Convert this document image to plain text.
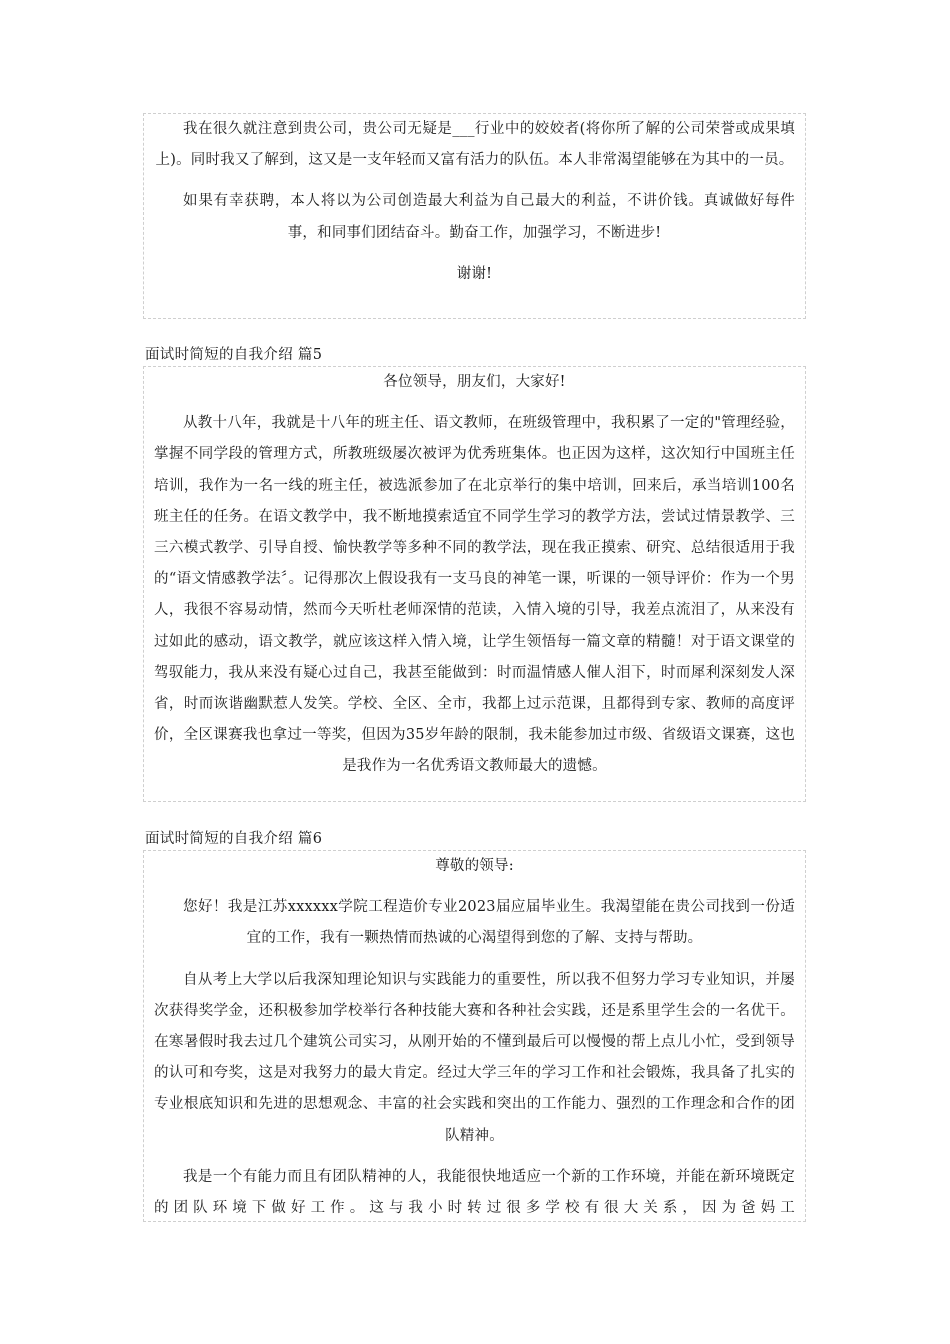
我在很久就注意到贵公司，贵公司无疑是___行业中的姣姣者(将你所了解的公司荣誉或成果填上)。同时我又了解到，这又是一支年轻而又富有活力的队伍。本人非常渴望能够在为其中的一员。

如果有幸获聘，本人将以为公司创造最大利益为自己最大的利益，不讲价钱。真诚做好每件事，和同事们团结奋斗。勤奋工作，加强学习，不断进步!

谢谢!

面试时简短的自我介绍 篇5

各位领导，朋友们，大家好!

从教十八年，我就是十八年的班主任、语文教师，在班级管理中，我积累了一定的"管理经验，掌握不同学段的管理方式，所教班级屡次被评为优秀班集体。也正因为这样，这次知行中国班主任培训，我作为一名一线的班主任，被选派参加了在北京举行的集中培训，回来后，承当培训100名班主任的任务。在语文教学中，我不断地摸索适宜不同学生学习的教学方法，尝试过情景教学、三三六模式教学、引导自授、愉快教学等多种不同的教学法，现在我正摸索、研究、总结很适用于我的“语文情感教学法〞。记得那次上假设我有一支马良的神笔一课，听课的一领导评价：作为一个男人，我很不容易动情，然而今天听杜老师深情的范读，入情入境的引导，我差点流泪了，从来没有过如此的感动，语文教学，就应该这样入情入境，让学生领悟每一篇文章的精髓！对于语文课堂的驾驭能力，我从来没有疑心过自己，我甚至能做到：时而温情感人催人泪下，时而犀利深刻发人深省，时而诙谐幽默惹人发笑。学校、全区、全市，我都上过示范课，且都得到专家、教师的高度评价，全区课赛我也拿过一等奖，但因为35岁年龄的限制，我未能参加过市级、省级语文课赛，这也是我作为一名优秀语文教师最大的遗憾。

面试时简短的自我介绍 篇6

尊敬的领导:

您好！我是江苏xxxxxx学院工程造价专业2023届应届毕业生。我渴望能在贵公司找到一份适宜的工作，我有一颗热情而热诚的心渴望得到您的了解、支持与帮助。

自从考上大学以后我深知理论知识与实践能力的重要性，所以我不但努力学习专业知识，并屡次获得奖学金，还积极参加学校举行各种技能大赛和各种社会实践，还是系里学生会的一名优干。在寒暑假时我去过几个建筑公司实习，从刚开始的不懂到最后可以慢慢的帮上点儿小忙，受到领导的认可和夸奖，这是对我努力的最大肯定。经过大学三年的学习工作和社会锻炼，我具备了扎实的专业根底知识和先进的思想观念、丰富的社会实践和突出的工作能力、强烈的工作理念和合作的团队精神。

我是一个有能力而且有团队精神的人，我能很快地适应一个新的工作环境，并能在新环境既定的团队环境下做好工作。这与我小时转过很多学校有很大关系，因为爸妈工
